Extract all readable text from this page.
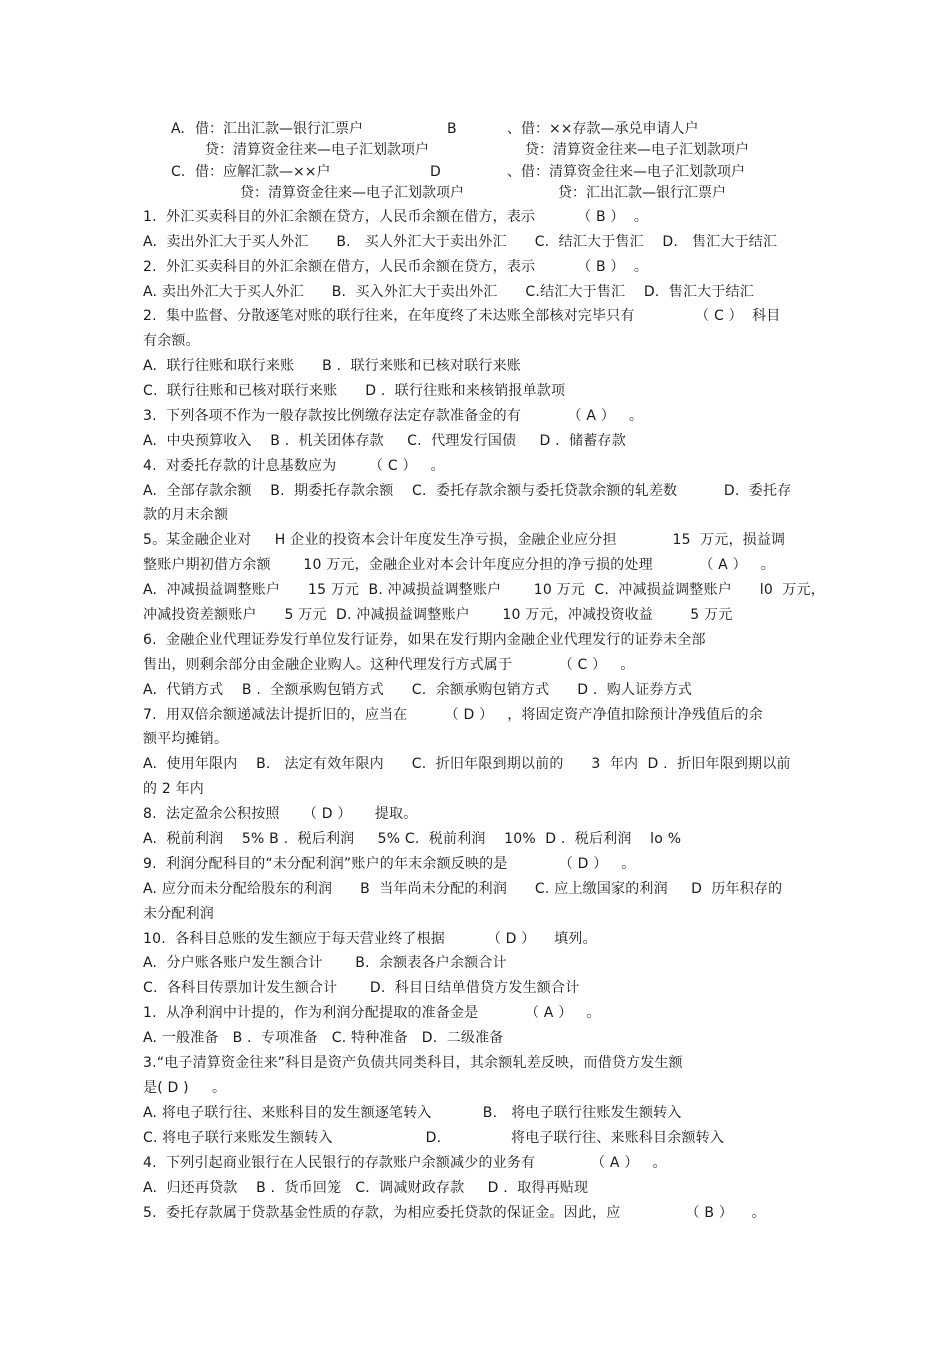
A. 借：汇出汇款—银行汇票户	B	、借：××存款—承兑申请人户
贷：清算资金往来—电子汇划款项户	贷：清算资金往来—电子汇划款项户
C. 借：应解汇款—××户	D	、借：清算资金往来—电子汇划款项户
贷：清算资金往来—电子汇划款项户	贷：汇出汇款—银行汇票户
1.  外汇买卖科目的外汇余额在贷方，人民币余额在借方，表示         （ B ）  。
A.  卖出外汇大于买人外汇      B.   买人外汇大于卖出外汇      C.  结汇大于售汇    D.   售汇大于结汇
2.  外汇买卖科目的外汇余额在借方，人民币余额在贷方，表示         （ B ）  。
A. 卖出外汇大于买人外汇      B.  买入外汇大于卖出外汇      C.结汇大于售汇    D.  售汇大于结汇
2.  集中监督、分散逐笔对账的联行往来，在年度终了未达账全部核对完毕只有             （ C ）  科目
有余额。
A.  联行往账和联行来账      B .  联行来账和已核对联行来账
C.  联行往账和已核对联行来账      D .  联行往账和来核销报单款项
3.  下列各项不作为一般存款按比例缴存法定存款准备金的有          （ A ）   。
A.  中央预算收入    B .  机关团体存款     C.  代理发行国债     D .  储蓄存款
4.  对委托存款的计息基数应为       （ C ）   。
A.  全部存款余额    B.  期委托存款余额    C.  委托存款余额与委托贷款余额的轧差数          D.  委托存
款的月末余额
5。某金融企业对     H 企业的投资本会计年度发生净亏损，金融企业应分担            15  万元，损益调
整账户期初借方余额       10 万元，金融企业对本会计年度应分担的净亏损的处理          （ A ）   。
A.  冲减损益调整账户      15 万元  B. 冲减损益调整账户       10 万元  C.  冲减损益调整账户      l0  万元，
冲减投资差额账户      5 万元  D. 冲减损益调整账户       10 万元，冲减投资收益        5 万元
6.  金融企业代理证券发行单位发行证券，如果在发行期内金融企业代理发行的证券未全部
售出，则剩余部分由金融企业购人。这种代理发行方式属于          （ C ）   。
A.  代销方式    B .  全额承购包销方式      C.  余额承购包销方式      D .  购人证券方式
7.  用双倍余额递减法计提折旧的，应当在        （ D ）   ，将固定资产净值扣除预计净残值后的余
额平均摊销。
A.  使用年限内    B.   法定有效年限内      C.  折旧年限到期以前的      3  年内  D .  折旧年限到期以前
的 2 年内
8.  法定盈余公积按照     （ D ）     提取。
A.  税前利润    5% B .  税后利润     5% C.  税前利润    10%  D .  税后利润    lo %
9.  利润分配科目的“未分配利润”账户的年末余额反映的是           （ D ）   。
A. 应分而未分配给股东的利润      B  当年尚未分配的利润      C. 应上缴国家的利润     D  历年积存的
未分配利润
10.  各科目总账的发生额应于每天营业终了根据         （ D ）    填列。
A.  分户账各账户发生额合计       B.  余额表各户余额合计
C.  各科目传票加计发生额合计       D.  科目日结单借贷方发生额合计
1.  从净利润中计提的，作为利润分配提取的准备金是          （ A ）   。
A. 一般准备   B .  专项准备   C. 特种准备   D.  二级准备
3.“电子清算资金往来”科目是资产负债共同类科目，其余额轧差反映，而借贷方发生额
是( D )     。
A. 将电子联行往、来账科目的发生额逐笔转入           B.   将电子联行往账发生额转入
C. 将电子联行来账发生额转入                    D.               将电子联行往、来账科目余额转入
4.  下列引起商业银行在人民银行的存款账户余额减少的业务有            （ A ）   。
A.  归还再贷款    B .  货币回笼   C.  调减财政存款     D .  取得再贴现
5.  委托存款属于贷款基金性质的存款，为相应委托贷款的保证金。因此，应              （ B ）    。
